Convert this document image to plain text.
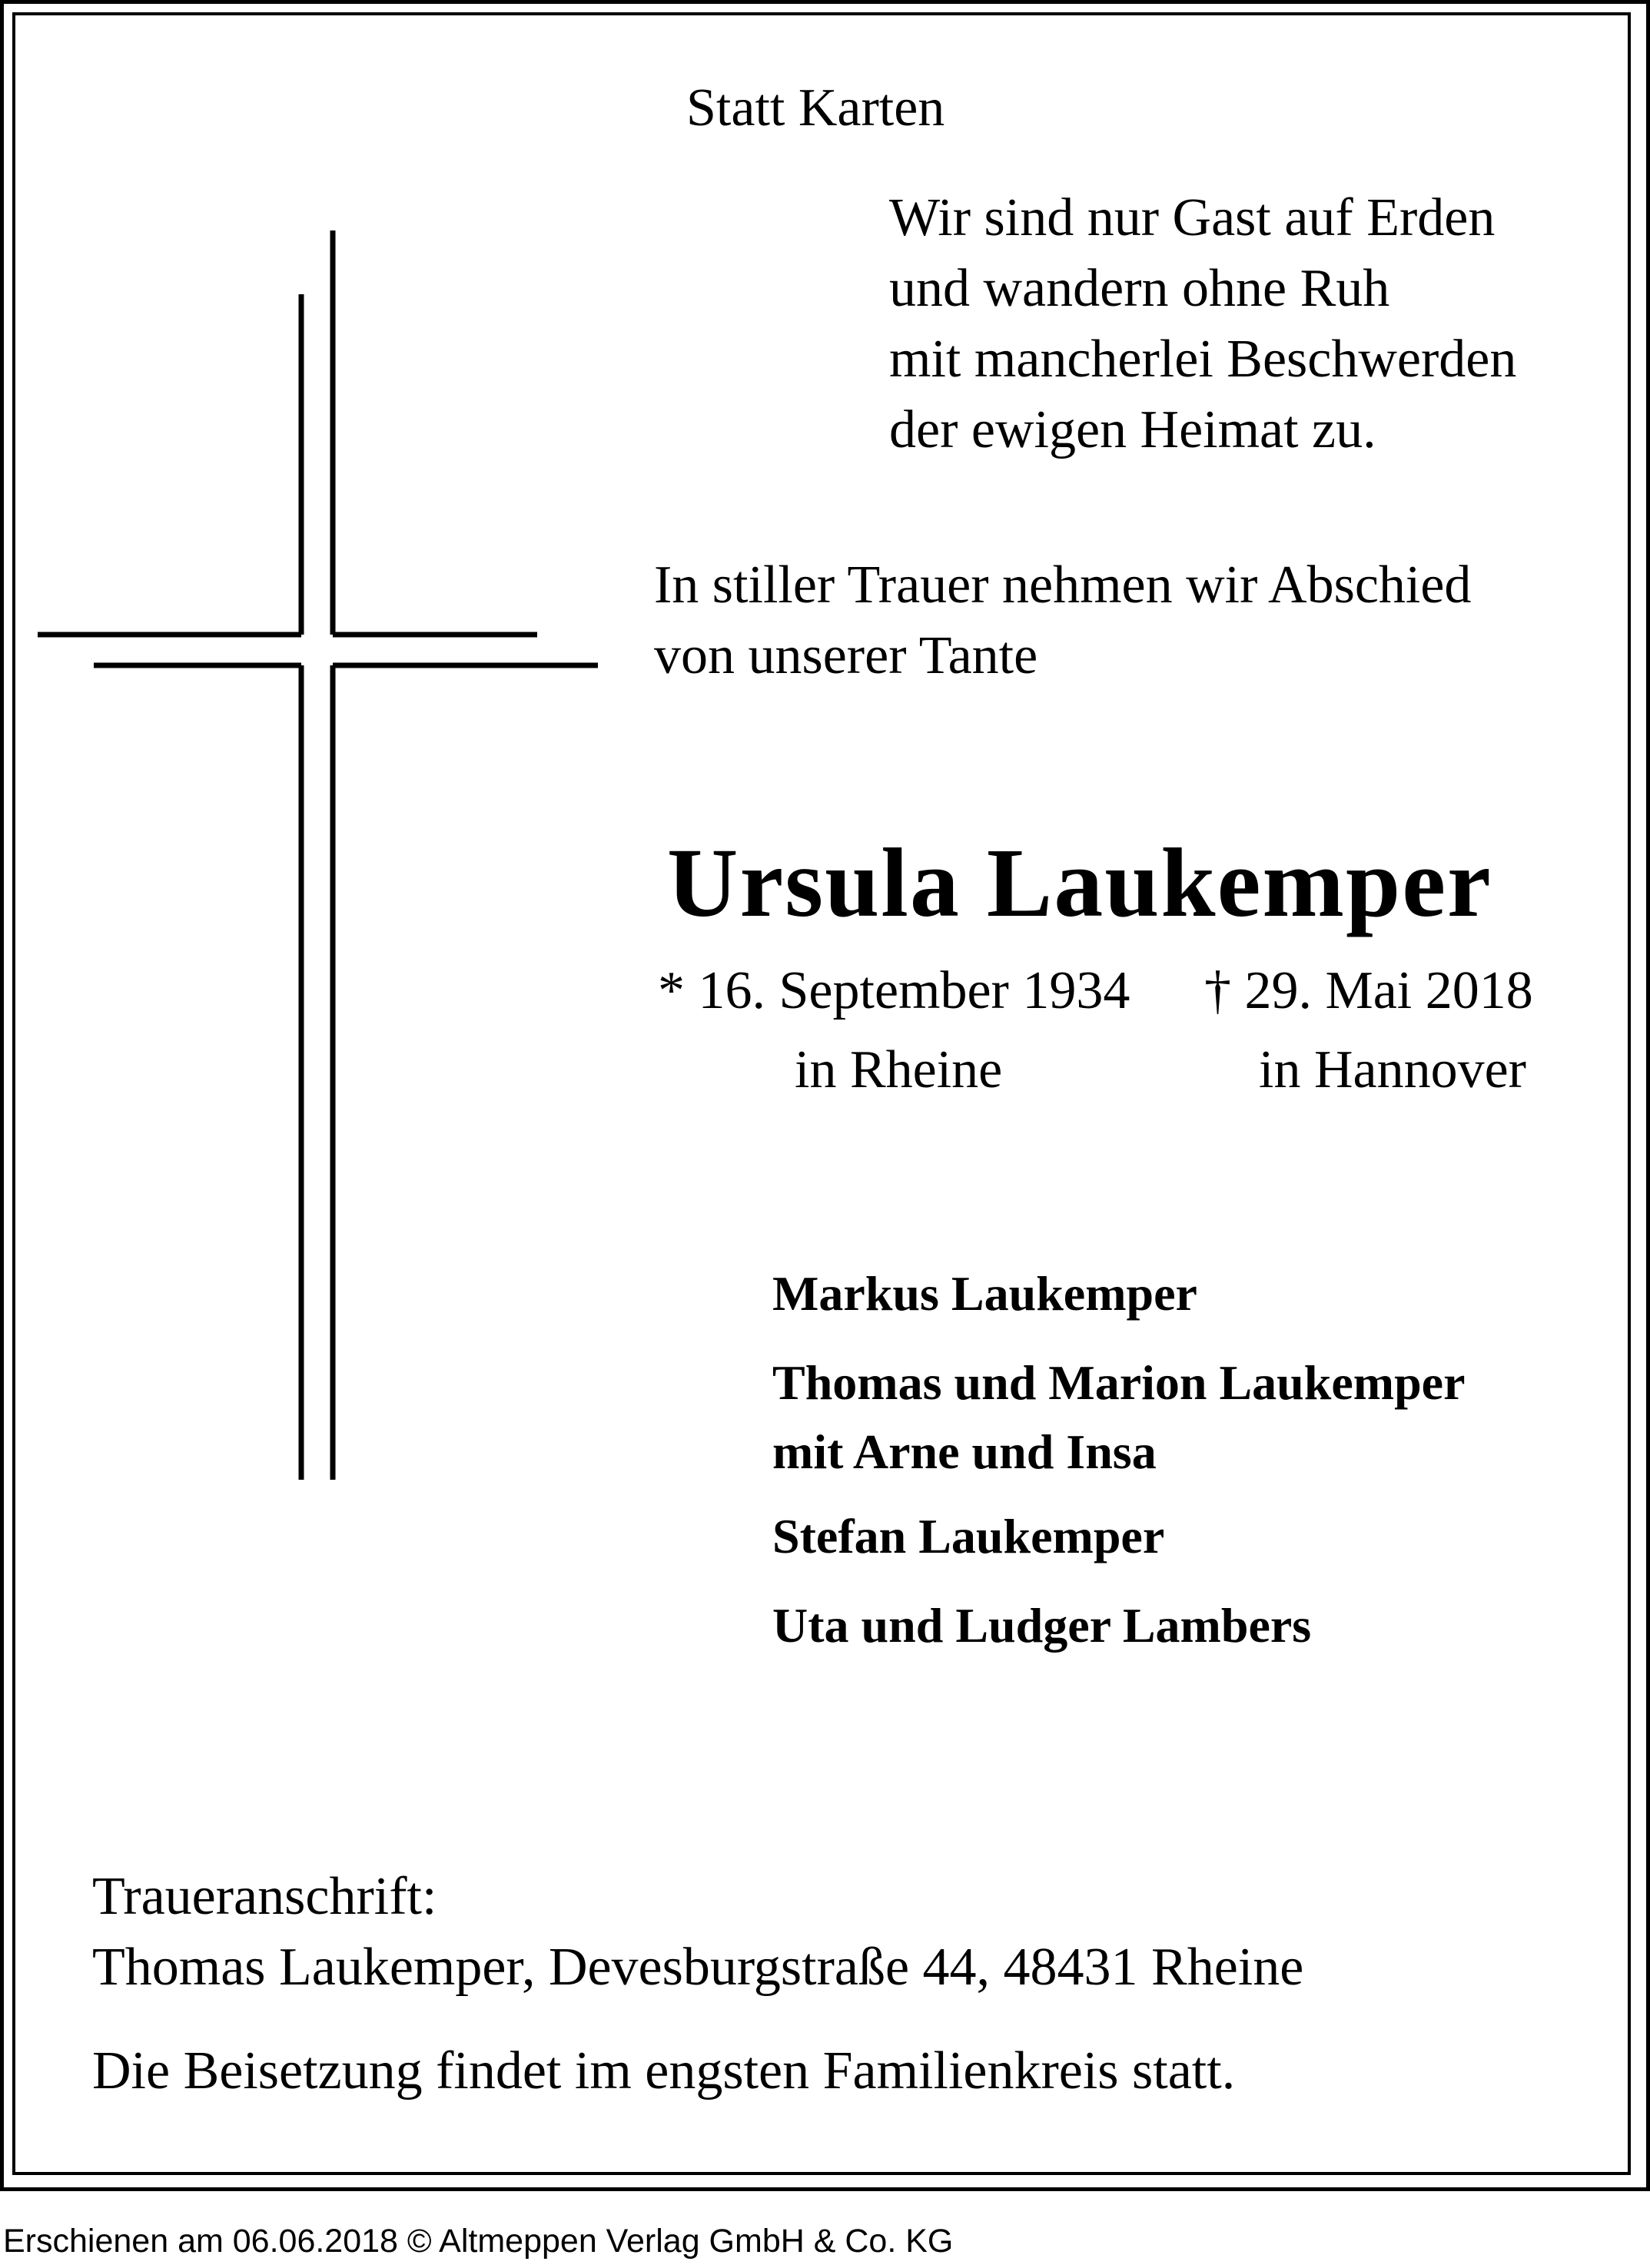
Statt Karten
Wir sind nur Gast auf Erden
und wandern ohne Ruh
mit mancherlei Beschwerden
der ewigen Heimat zu.
In stiller Trauer nehmen wir Abschied
von unserer Tante
Ursula Laukemper
* 16. September 1934 † 29. Mai 2018
in Rheine	in Hannover
Markus Laukemper
Thomas und Marion Laukemper
mit Arne und Insa
Stefan Laukemper
Uta und Ludger Lambers
Traueranschrift:
Thomas Laukemper, Devesburgstraße 44, 48431 Rheine
Die Beisetzung findet im engsten Familienkreis statt.
Erschienen am 06.06.2018 © Altmeppen Verlag GmbH & Co. KG
